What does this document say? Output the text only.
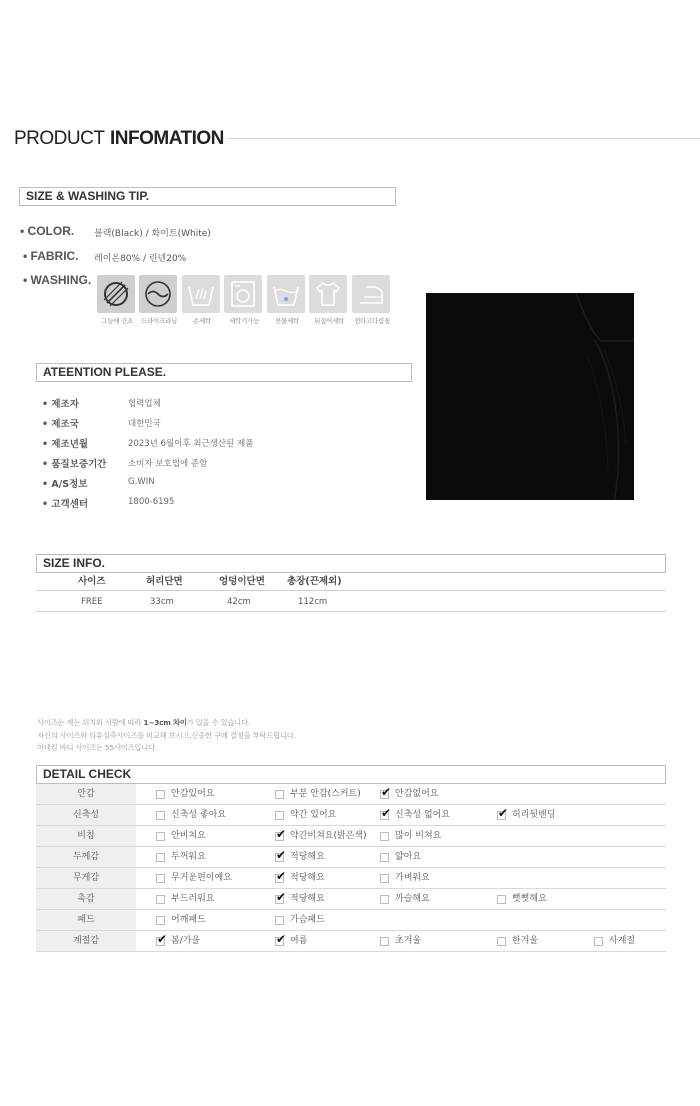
PRODUCT INFOMATION
SIZE & WASHING TIP.
• COLOR. 블랙(Black) / 화이트(White)
• FABRIC. 레이온80% / 린넨20%
• WASHING.
그늘에 건조	드라이크리닝	손세탁	세탁기가능	찬물세탁	뒤집어세탁	전다고다림질
ATEENTION PLEASE.
• 제조자	협력업체
• 제조국	대한민국
• 제조년월	2023년 6월이후 최근생산된 제품
• 품질보증기간	소비자 보호법에 준함
• A/S정보	G.WIN
• 고객센터	1800-6195
SIZE INFO.
사이즈	허리단면	엉덩이단면 총장(끈제외)
FREE	33cm	42cm	112cm
사이즈는 재는 위치와 사람에 따라 1~3cm 차이가 있을 수 있습니다.
자신의 사이즈와 의류실측사이즈를 비교해 보시고,신중한 구매 결정을 부탁드립니다.
마네킹 바디 사이즈는 55사이즈입니다.
DETAIL CHECK
안감	안감있어요	부분 안감(스커트) ✔	안감없어요
신축성	신축성 좋아요	약간 있어요 ✔	신축성 없어요 ✔	허리뒷밴딩
비침	안비쳐요 ✔	약간비쳐요(밝은색)	많이 비쳐요
두께감	두꺼워요 ✔	적당해요	얇아요
무게감	무거운편이예요 ✔	적당해요	가벼워요
촉감	부드러워요 ✔	적당해요	까슬해요	뻣뻣해요
패드	어깨패드	가슴패드
계절감 ✔	봄/가을 ✔	여름	초겨울	한겨울	사계절
